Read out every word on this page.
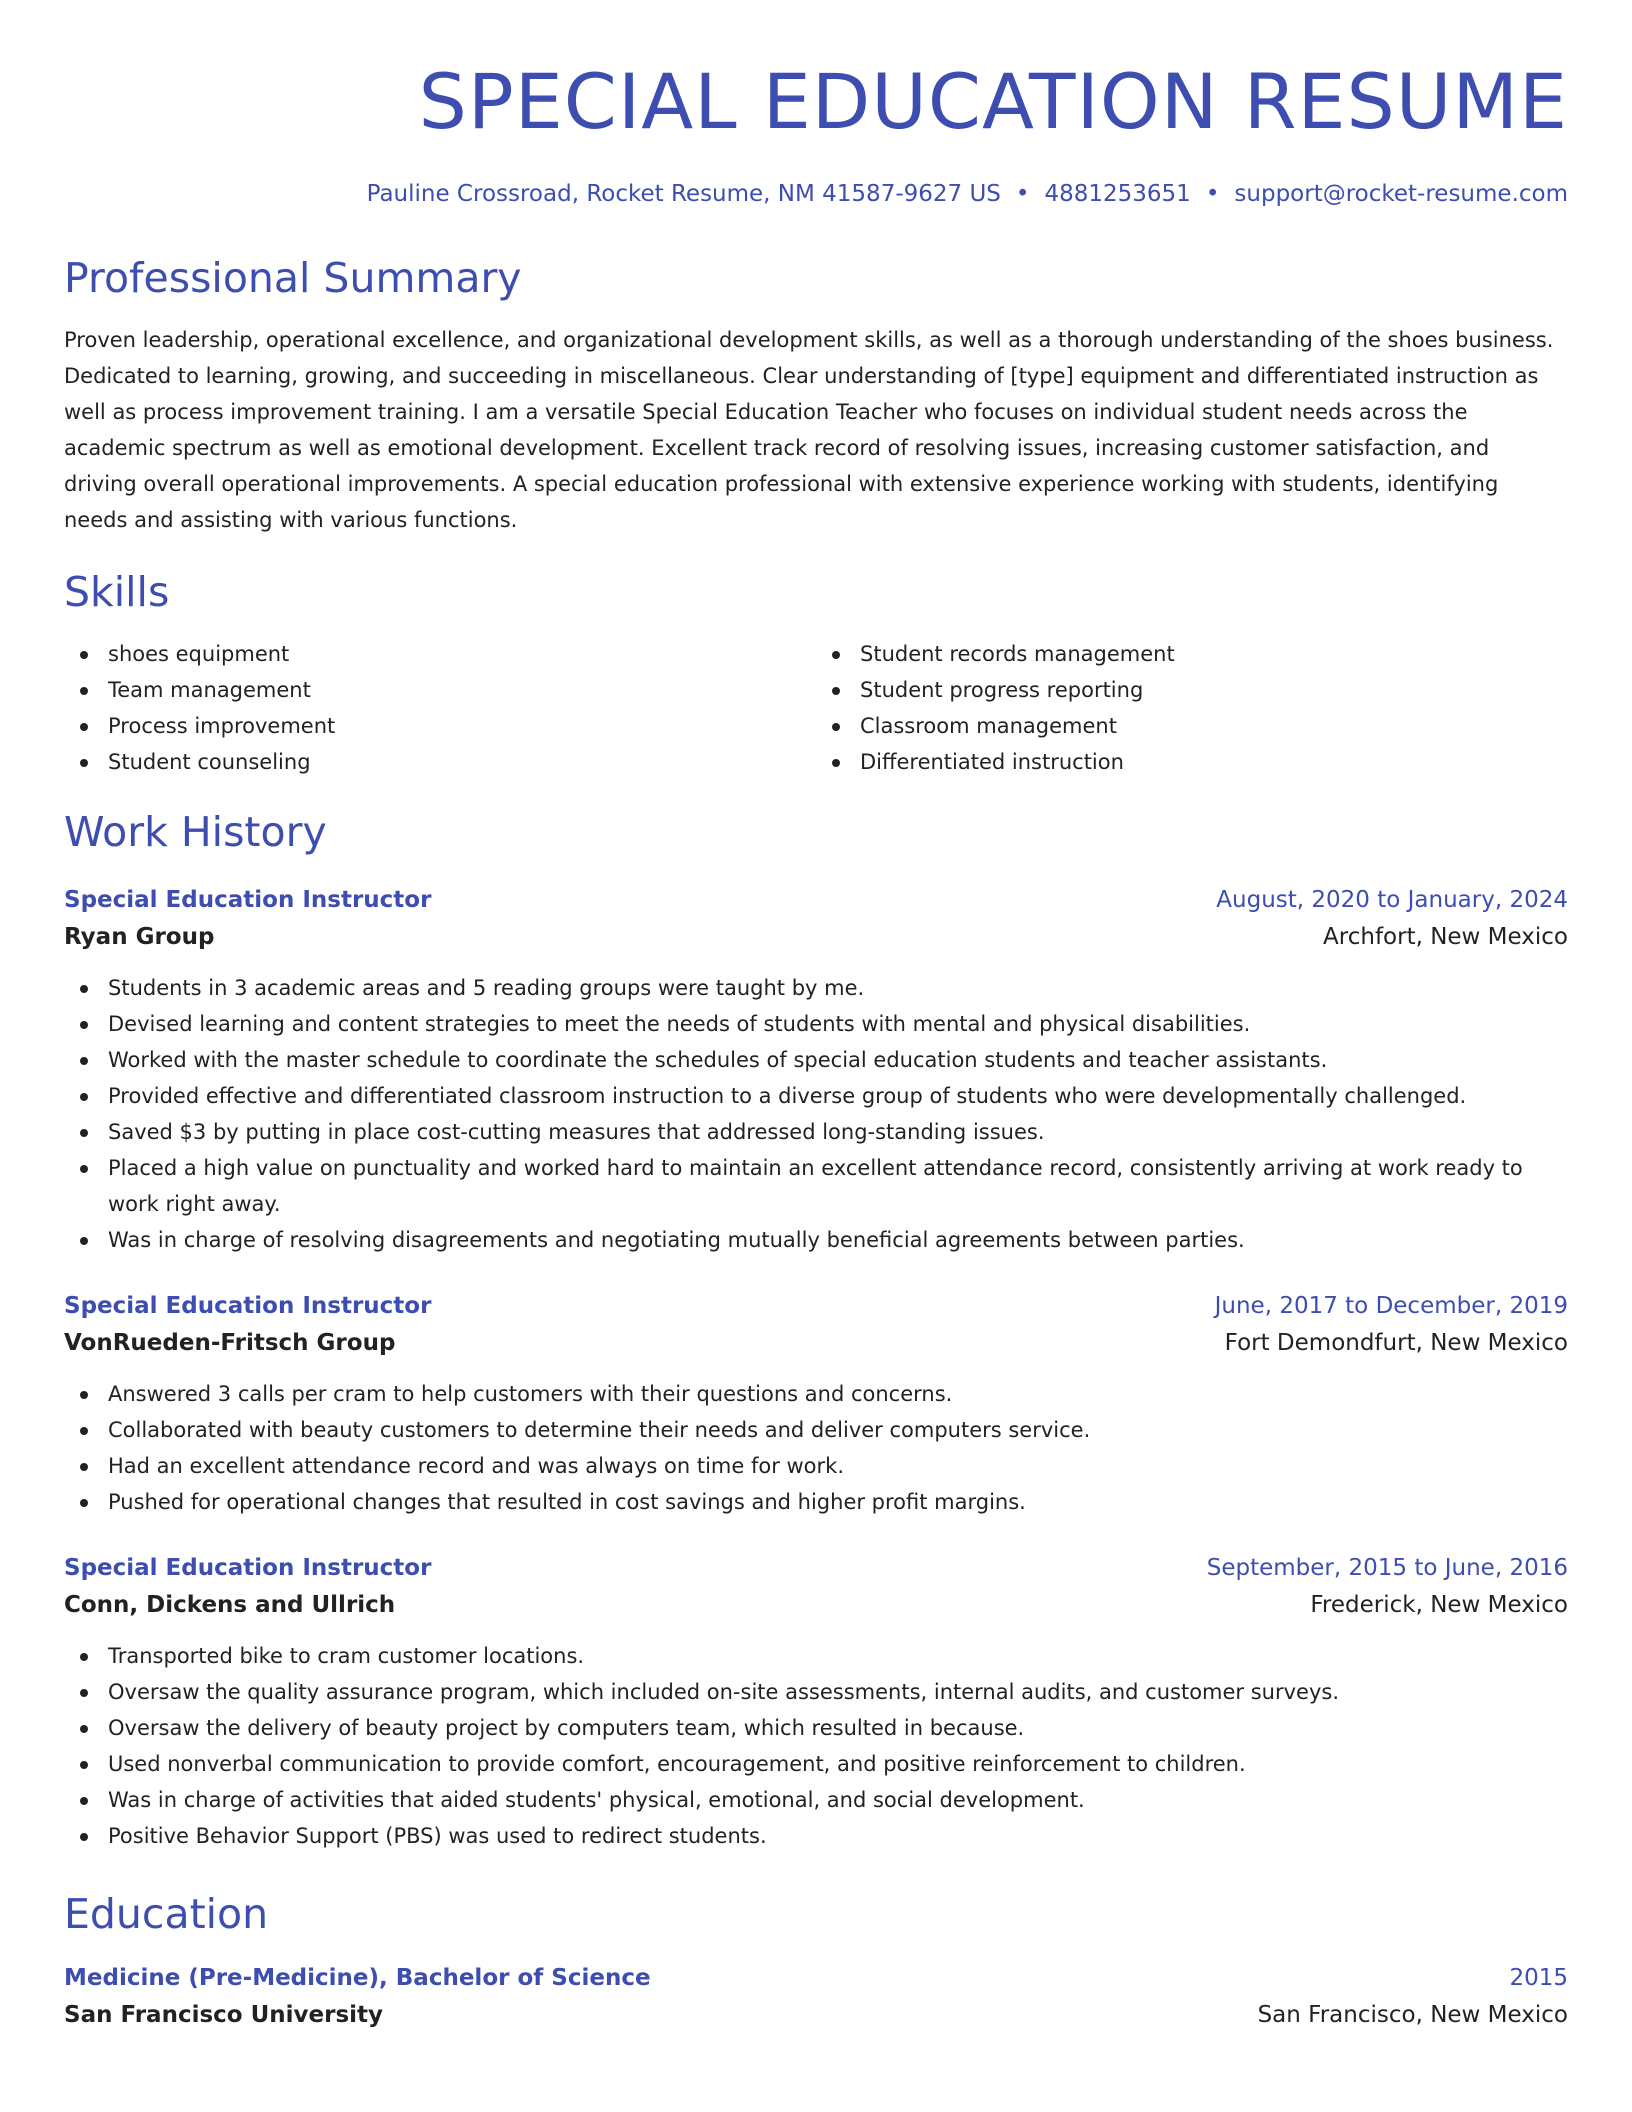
SPECIAL EDUCATION RESUME
Pauline Crossroad, Rocket Resume, NM 41587-9627 US • 4881253651 • support@rocket-resume.com
Professional Summary

Proven leadership, operational excellence, and organizational development skills, as well as a thorough understanding of the shoes business. Dedicated to learning, growing, and succeeding in miscellaneous. Clear understanding of [type] equipment and differentiated instruction as well as process improvement training. I am a versatile Special Education Teacher who focuses on individual student needs across the academic spectrum as well as emotional development. Excellent track record of resolving issues, increasing customer satisfaction, and driving overall operational improvements. A special education professional with extensive experience working with students, identifying needs and assisting with various functions.

Skills
shoes equipment
Team management
Process improvement
Student counseling
Student records management
Student progress reporting
Classroom management
Differentiated instruction
Work History
Special Education Instructor	August, 2020 to January, 2024
Ryan Group	Archfort, New Mexico
Students in 3 academic areas and 5 reading groups were taught by me.
Devised learning and content strategies to meet the needs of students with mental and physical disabilities.
Worked with the master schedule to coordinate the schedules of special education students and teacher assistants.
Provided effective and differentiated classroom instruction to a diverse group of students who were developmentally challenged.
Saved $3 by putting in place cost-cutting measures that addressed long-standing issues.
Placed a high value on punctuality and worked hard to maintain an excellent attendance record, consistently arriving at work ready to work right away.
Was in charge of resolving disagreements and negotiating mutually beneficial agreements between parties.
Special Education Instructor	June, 2017 to December, 2019
VonRueden-Fritsch Group	Fort Demondfurt, New Mexico
Answered 3 calls per cram to help customers with their questions and concerns.
Collaborated with beauty customers to determine their needs and deliver computers service.
Had an excellent attendance record and was always on time for work.
Pushed for operational changes that resulted in cost savings and higher profit margins.
Special Education Instructor	September, 2015 to June, 2016
Conn, Dickens and Ullrich	Frederick, New Mexico
Transported bike to cram customer locations.
Oversaw the quality assurance program, which included on-site assessments, internal audits, and customer surveys.
Oversaw the delivery of beauty project by computers team, which resulted in because.
Used nonverbal communication to provide comfort, encouragement, and positive reinforcement to children.
Was in charge of activities that aided students' physical, emotional, and social development.
Positive Behavior Support (PBS) was used to redirect students.
Education
Medicine (Pre-Medicine), Bachelor of Science	2015
San Francisco University	San Francisco, New Mexico
